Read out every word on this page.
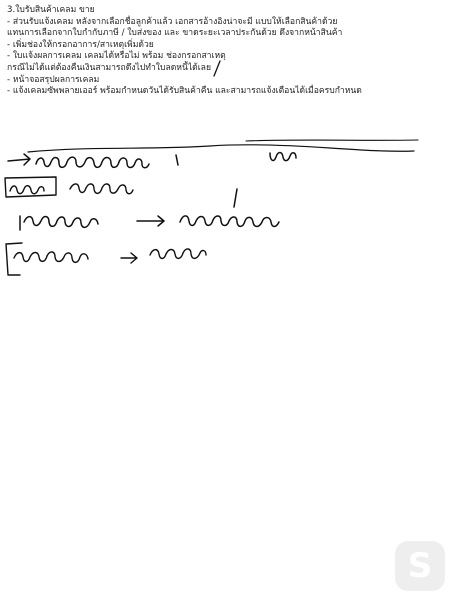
3.ใบรับสินค้าเคลม ขาย
- ส่วนรับแจ้งเคลม หลังจากเลือกชื่อลูกค้าแล้ว เอกสารอ้างอิงน่าจะมี แบบให้เลือกสินค้าด้วย
แทนการเลือกจากใบกำกับภาษี / ใบส่งของ และ ขาดระยะเวลาประกันด้วย ดึงจากหน้าสินค้า
- เพิ่มช่องให้กรอกอาการ/สาเหตุเพิ่มด้วย
- ใบแจ้งผลการเคลม เคลมได้หรือไม่ พร้อม ช่องกรอกสาเหตุ
กรณีไม่ได้แต่ต้องคืนเงินสามารถดึงไปทำใบลดหนี้ได้เลย
- หน้าจอสรุปผลการเคลม
- แจ้งเคลมซัพพลายเออร์ พร้อมกำหนดวันได้รับสินค้าคืน และสามารถแจ้งเตือนได้เมื่อครบกำหนด
S
